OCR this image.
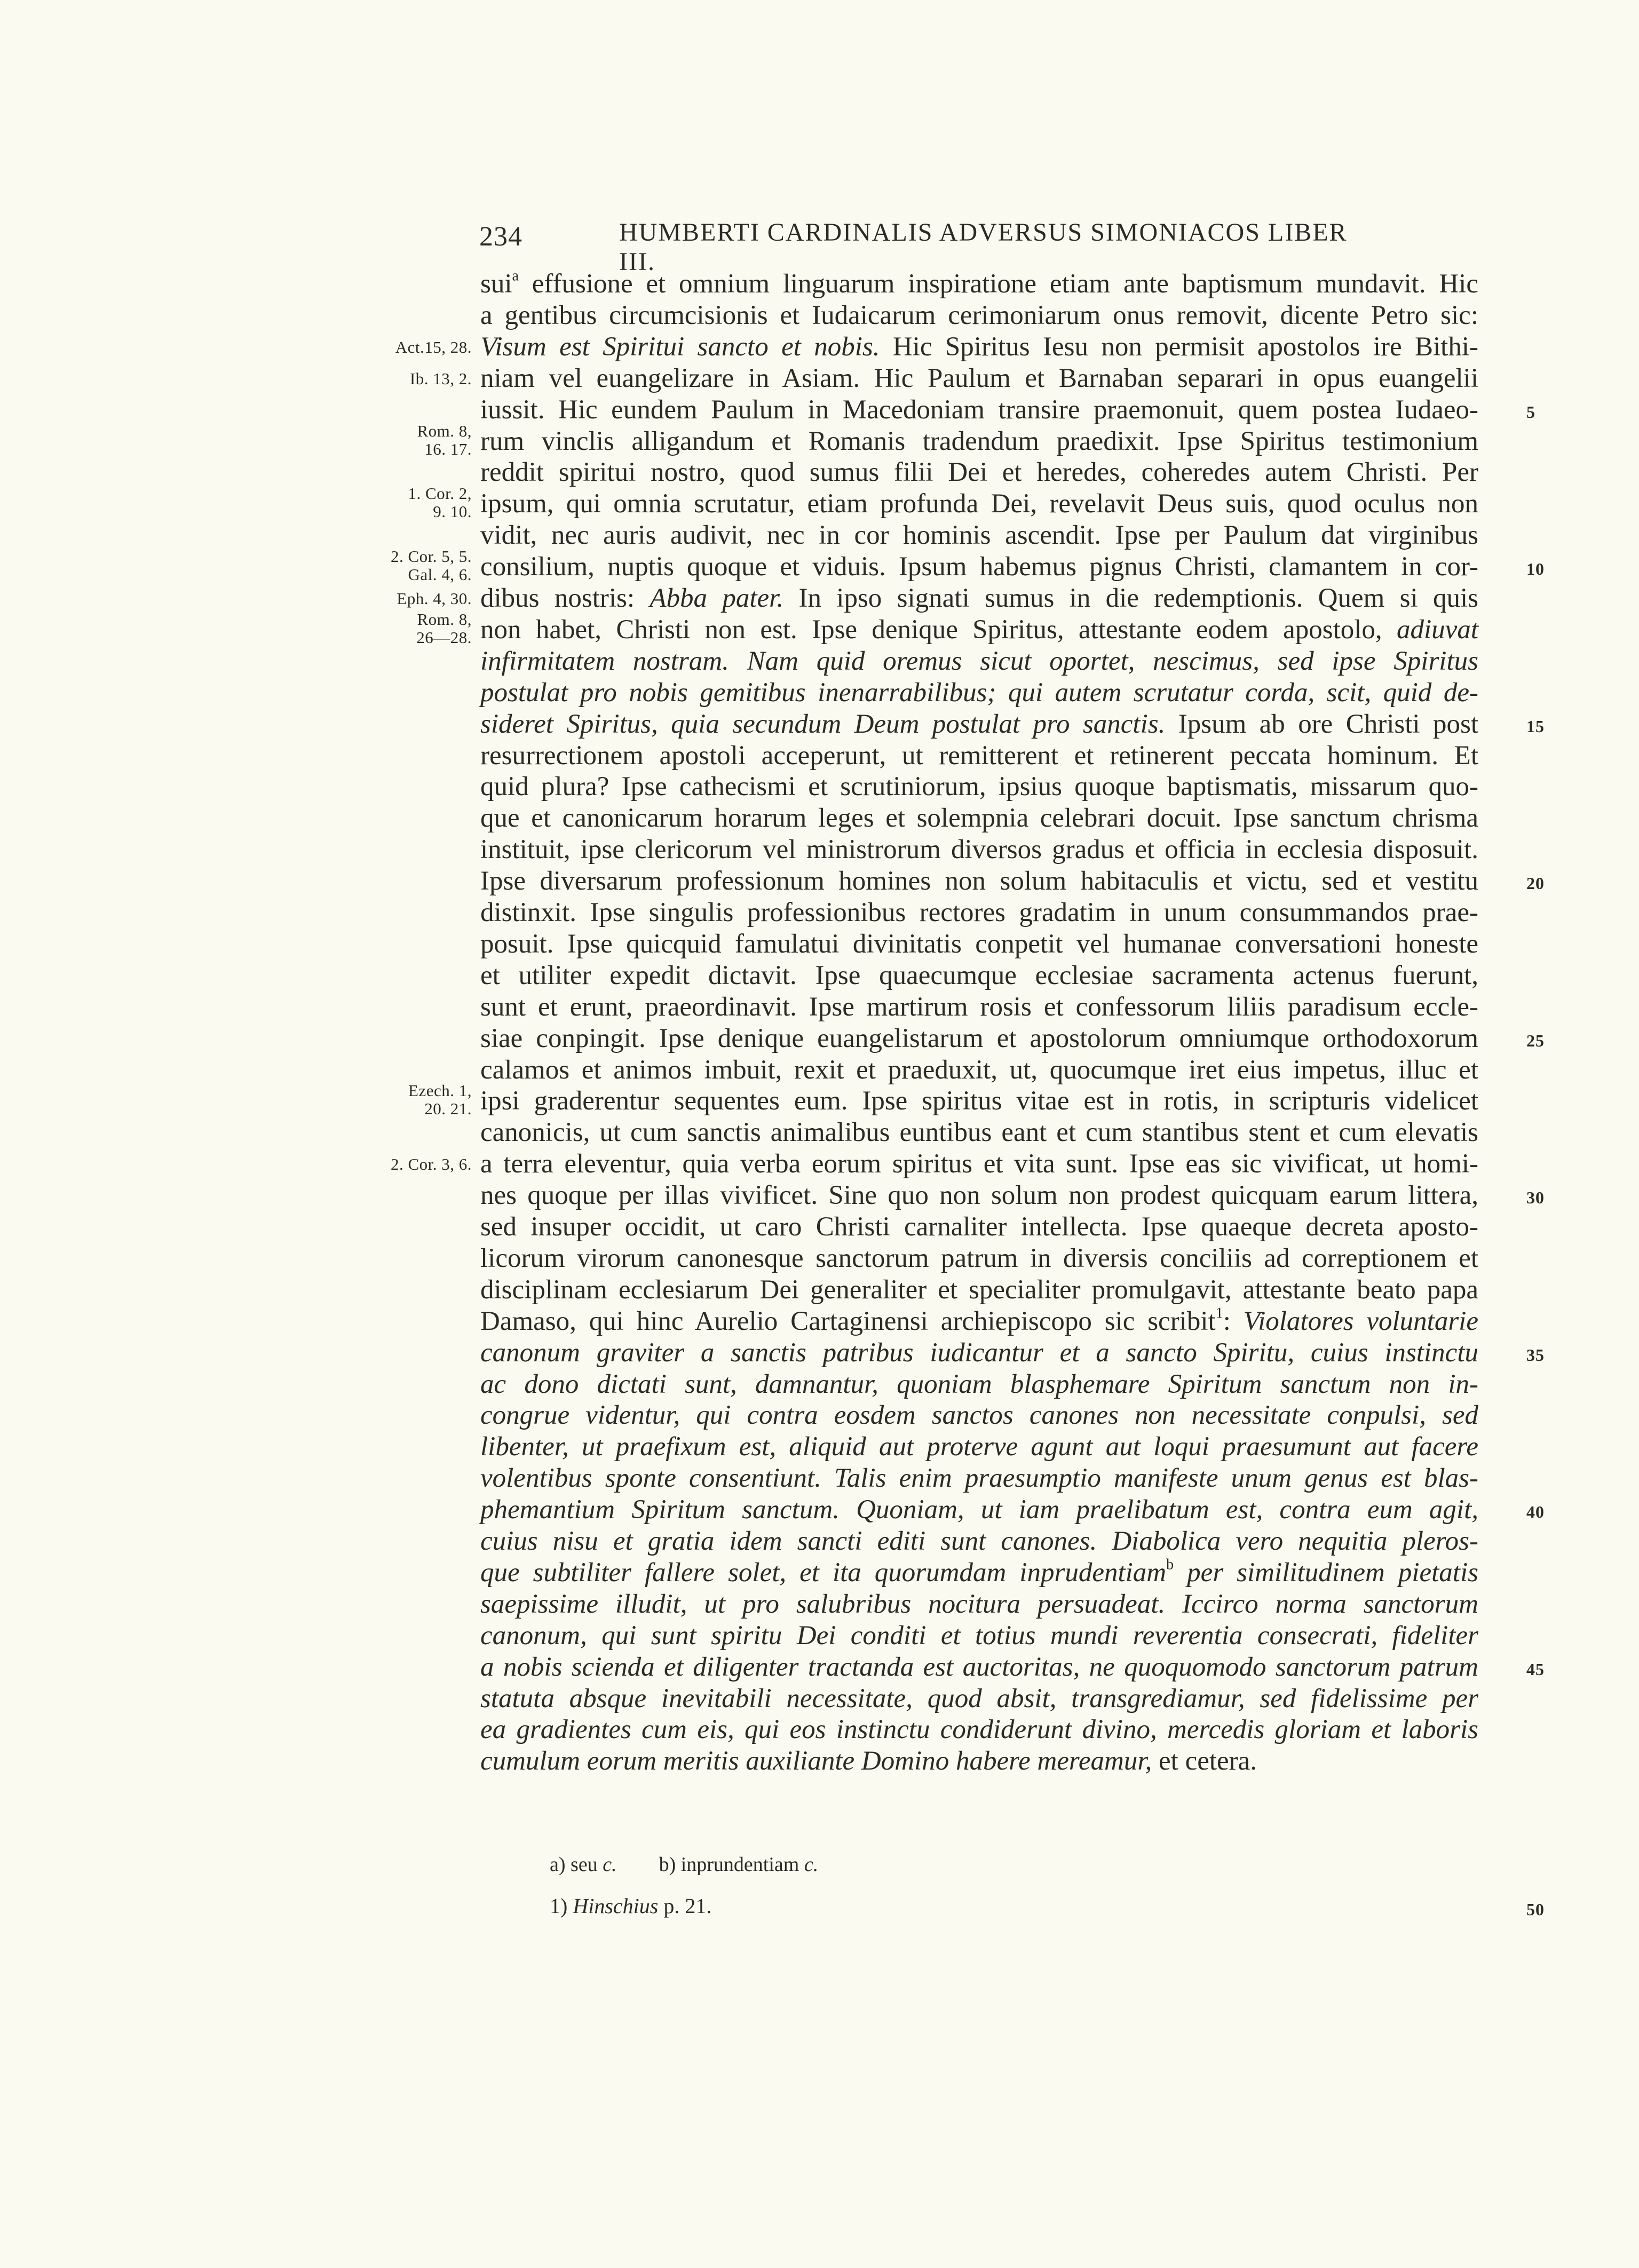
234	HUMBERTI CARDINALIS ADVERSUS SIMONIACOS LIBER III.
sui$^a$ effusione et omnium linguarum inspiratione etiam ante baptismum mundavit. Hic
a gentibus circumcisionis et Iudaicarum cerimoniarum onus removit, dicente Petro sic:
Visum est Spiritui sancto et nobis. Hic Spiritus Iesu non permisit apostolos ire Bithi-
niam vel euangelizare in Asiam. Hic Paulum et Barnaban separari in opus euangelii
iussit. Hic eundem Paulum in Macedoniam transire praemonuit, quem postea Iudaeo-
rum vinclis alligandum et Romanis tradendum praedixit. Ipse Spiritus testimonium
reddit spiritui nostro, quod sumus filii Dei et heredes, coheredes autem Christi. Per
ipsum, qui omnia scrutatur, etiam profunda Dei, revelavit Deus suis, quod oculus non
vidit, nec auris audivit, nec in cor hominis ascendit. Ipse per Paulum dat virginibus
consilium, nuptis quoque et viduis. Ipsum habemus pignus Christi, clamantem in cor-
dibus nostris: Abba pater. In ipso signati sumus in die redemptionis. Quem si quis
non habet, Christi non est. Ipse denique Spiritus, attestante eodem apostolo, adiuvat
infirmitatem nostram. Nam quid oremus sicut oportet, nescimus, sed ipse Spiritus
postulat pro nobis gemitibus inenarrabilibus; qui autem scrutatur corda, scit, quid de-
sideret Spiritus, quia secundum Deum postulat pro sanctis. Ipsum ab ore Christi post
resurrectionem apostoli acceperunt, ut remitterent et retinerent peccata hominum. Et
quid plura? Ipse cathecismi et scrutiniorum, ipsius quoque baptismatis, missarum quo-
que et canonicarum horarum leges et solempnia celebrari docuit. Ipse sanctum chrisma
instituit, ipse clericorum vel ministrorum diversos gradus et officia in ecclesia disposuit.
Ipse diversarum professionum homines non solum habitaculis et victu, sed et vestitu
distinxit. Ipse singulis professionibus rectores gradatim in unum consummandos prae-
posuit. Ipse quicquid famulatui divinitatis conpetit vel humanae conversationi honeste
et utiliter expedit dictavit. Ipse quaecumque ecclesiae sacramenta actenus fuerunt,
sunt et erunt, praeordinavit. Ipse martirum rosis et confessorum liliis paradisum eccle-
siae conpingit. Ipse denique euangelistarum et apostolorum omniumque orthodoxorum
calamos et animos imbuit, rexit et praeduxit, ut, quocumque iret eius impetus, illuc et
ipsi graderentur sequentes eum. Ipse spiritus vitae est in rotis, in scripturis videlicet
canonicis, ut cum sanctis animalibus euntibus eant et cum stantibus stent et cum elevatis
a terra eleventur, quia verba eorum spiritus et vita sunt. Ipse eas sic vivificat, ut homi-
nes quoque per illas vivificet. Sine quo non solum non prodest quicquam earum littera,
sed insuper occidit, ut caro Christi carnaliter intellecta. Ipse quaeque decreta aposto-
licorum virorum canonesque sanctorum patrum in diversis conciliis ad correptionem et
disciplinam ecclesiarum Dei generaliter et specialiter promulgavit, attestante beato papa
Damaso, qui hinc Aurelio Cartaginensi archiepiscopo sic scribit$^1$: Violatores voluntarie
canonum graviter a sanctis patribus iudicantur et a sancto Spiritu, cuius instinctu
ac dono dictati sunt, damnantur, quoniam blasphemare Spiritum sanctum non in-
congrue videntur, qui contra eosdem sanctos canones non necessitate conpulsi, sed
libenter, ut praefixum est, aliquid aut proterve agunt aut loqui praesumunt aut facere
volentibus sponte consentiunt. Talis enim praesumptio manifeste unum genus est blas-
phemantium Spiritum sanctum. Quoniam, ut iam praelibatum est, contra eum agit,
cuius nisu et gratia idem sancti editi sunt canones. Diabolica vero nequitia pleros-
que subtiliter fallere solet, et ita quorumdam inprudentiam$^b$ per similitudinem pietatis
saepissime illudit, ut pro salubribus nocitura persuadeat. Iccirco norma sanctorum
canonum, qui sunt spiritu Dei conditi et totius mundi reverentia consecrati, fideliter
a nobis scienda et diligenter tractanda est auctoritas, ne quoquomodo sanctorum patrum
statuta absque inevitabili necessitate, quod absit, transgrediamur, sed fidelissime per
ea gradientes cum eis, qui eos instinctu condiderunt divino, mercedis gloriam et laboris
cumulum eorum meritis auxiliante Domino habere mereamur, et cetera.
Act.15, 28.
Ib. 13, 2.
Rom. 8,
16. 17.
1. Cor. 2,
9. 10.
2. Cor. 5, 5.
Gal. 4, 6.
Eph. 4, 30.
Rom. 8,
26—28.
Ezech. 1,
20. 21.
2. Cor. 3, 6.
5
10
15
20
25
30
35
40
45
a) seu c. b) inprundentiam c.
1) Hinschius p. 21.	50
